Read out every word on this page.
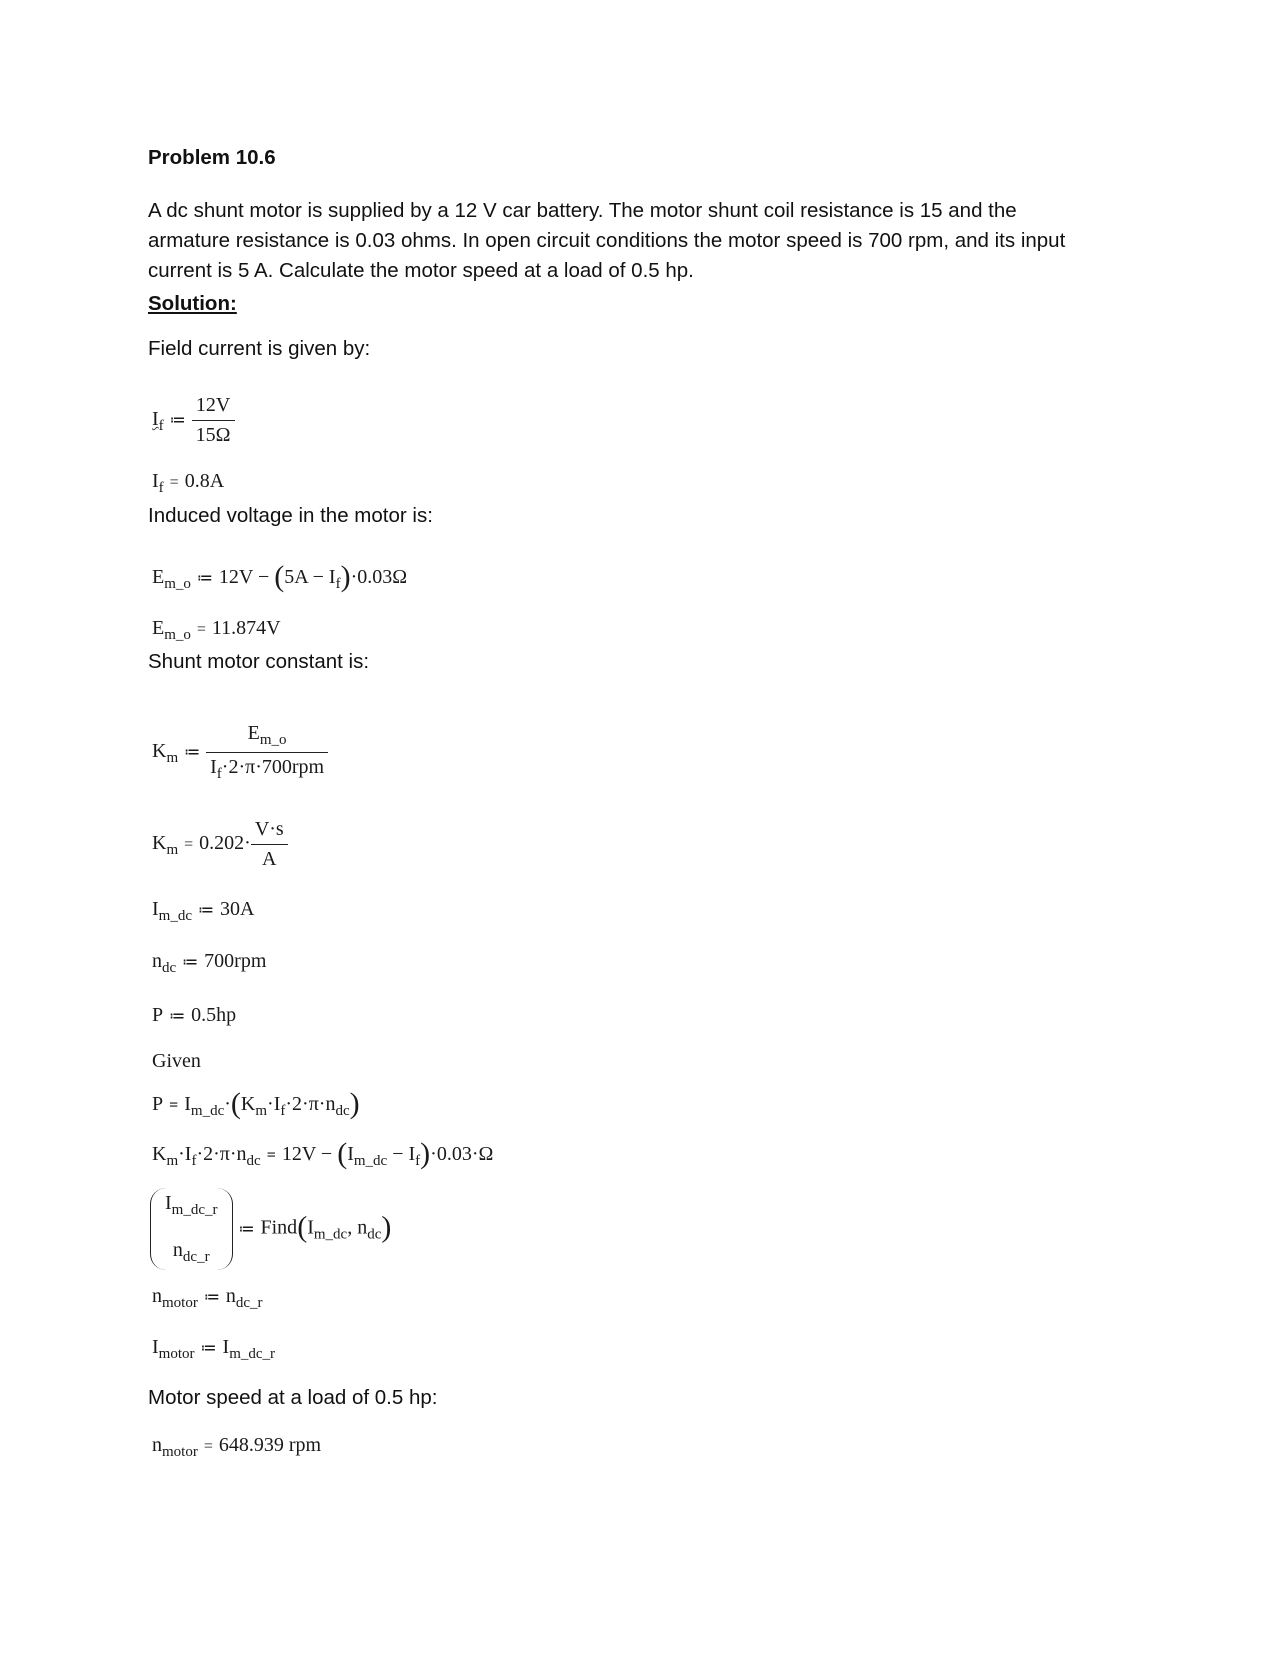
Problem 10.6
A dc shunt motor is supplied by a 12 V car battery. The motor shunt coil resistance is 15 and the
armature resistance is 0.03 ohms. In open circuit conditions the motor speed is 700 rpm, and its input
current is 5 A. Calculate the motor speed at a load of 0.5 hp.
Solution:
Field current is given by:
$I_f$ ≔ $\frac{12V}{15\Omega}$
$I_f = 0.8A$
Induced voltage in the motor is:
$E_{m\_o}$ ≔ $12V - (5A - I_f)\cdot 0.03\Omega$
$E_{m\_o} = 11.874V$
Shunt motor constant is:
$K_m$ ≔ $\frac{E_{m\_o}}{I_f\cdot 2\cdot\pi\cdot 700rpm}$
$K_m = 0.202\cdot \frac{V\cdot s}{A}$
$I_{m\_dc}$ ≔ 30A
$n_{dc}$ ≔ 700rpm
P ≔ 0.5hp
Given
$P = I_{m\_dc}\cdot(K_m\cdot I_f\cdot 2\cdot\pi\cdot n_{dc})$
$K_m\cdot I_f\cdot 2\cdot\pi\cdot n_{dc} = 12V - (I_{m\_dc} - I_f)\cdot 0.03\cdot\Omega$
$I_{m\_dc\_r}$
$n_{dc\_r}$
≔ $Find(I_{m\_dc}$, $n_{dc}$)
$n_{motor}$ ≔ $n_{dc\_r}$
$I_{motor}$ ≔ $I_{m\_dc\_r}$
Motor speed at a load of 0.5 hp:
$n_{motor} = 648.939$ rpm
